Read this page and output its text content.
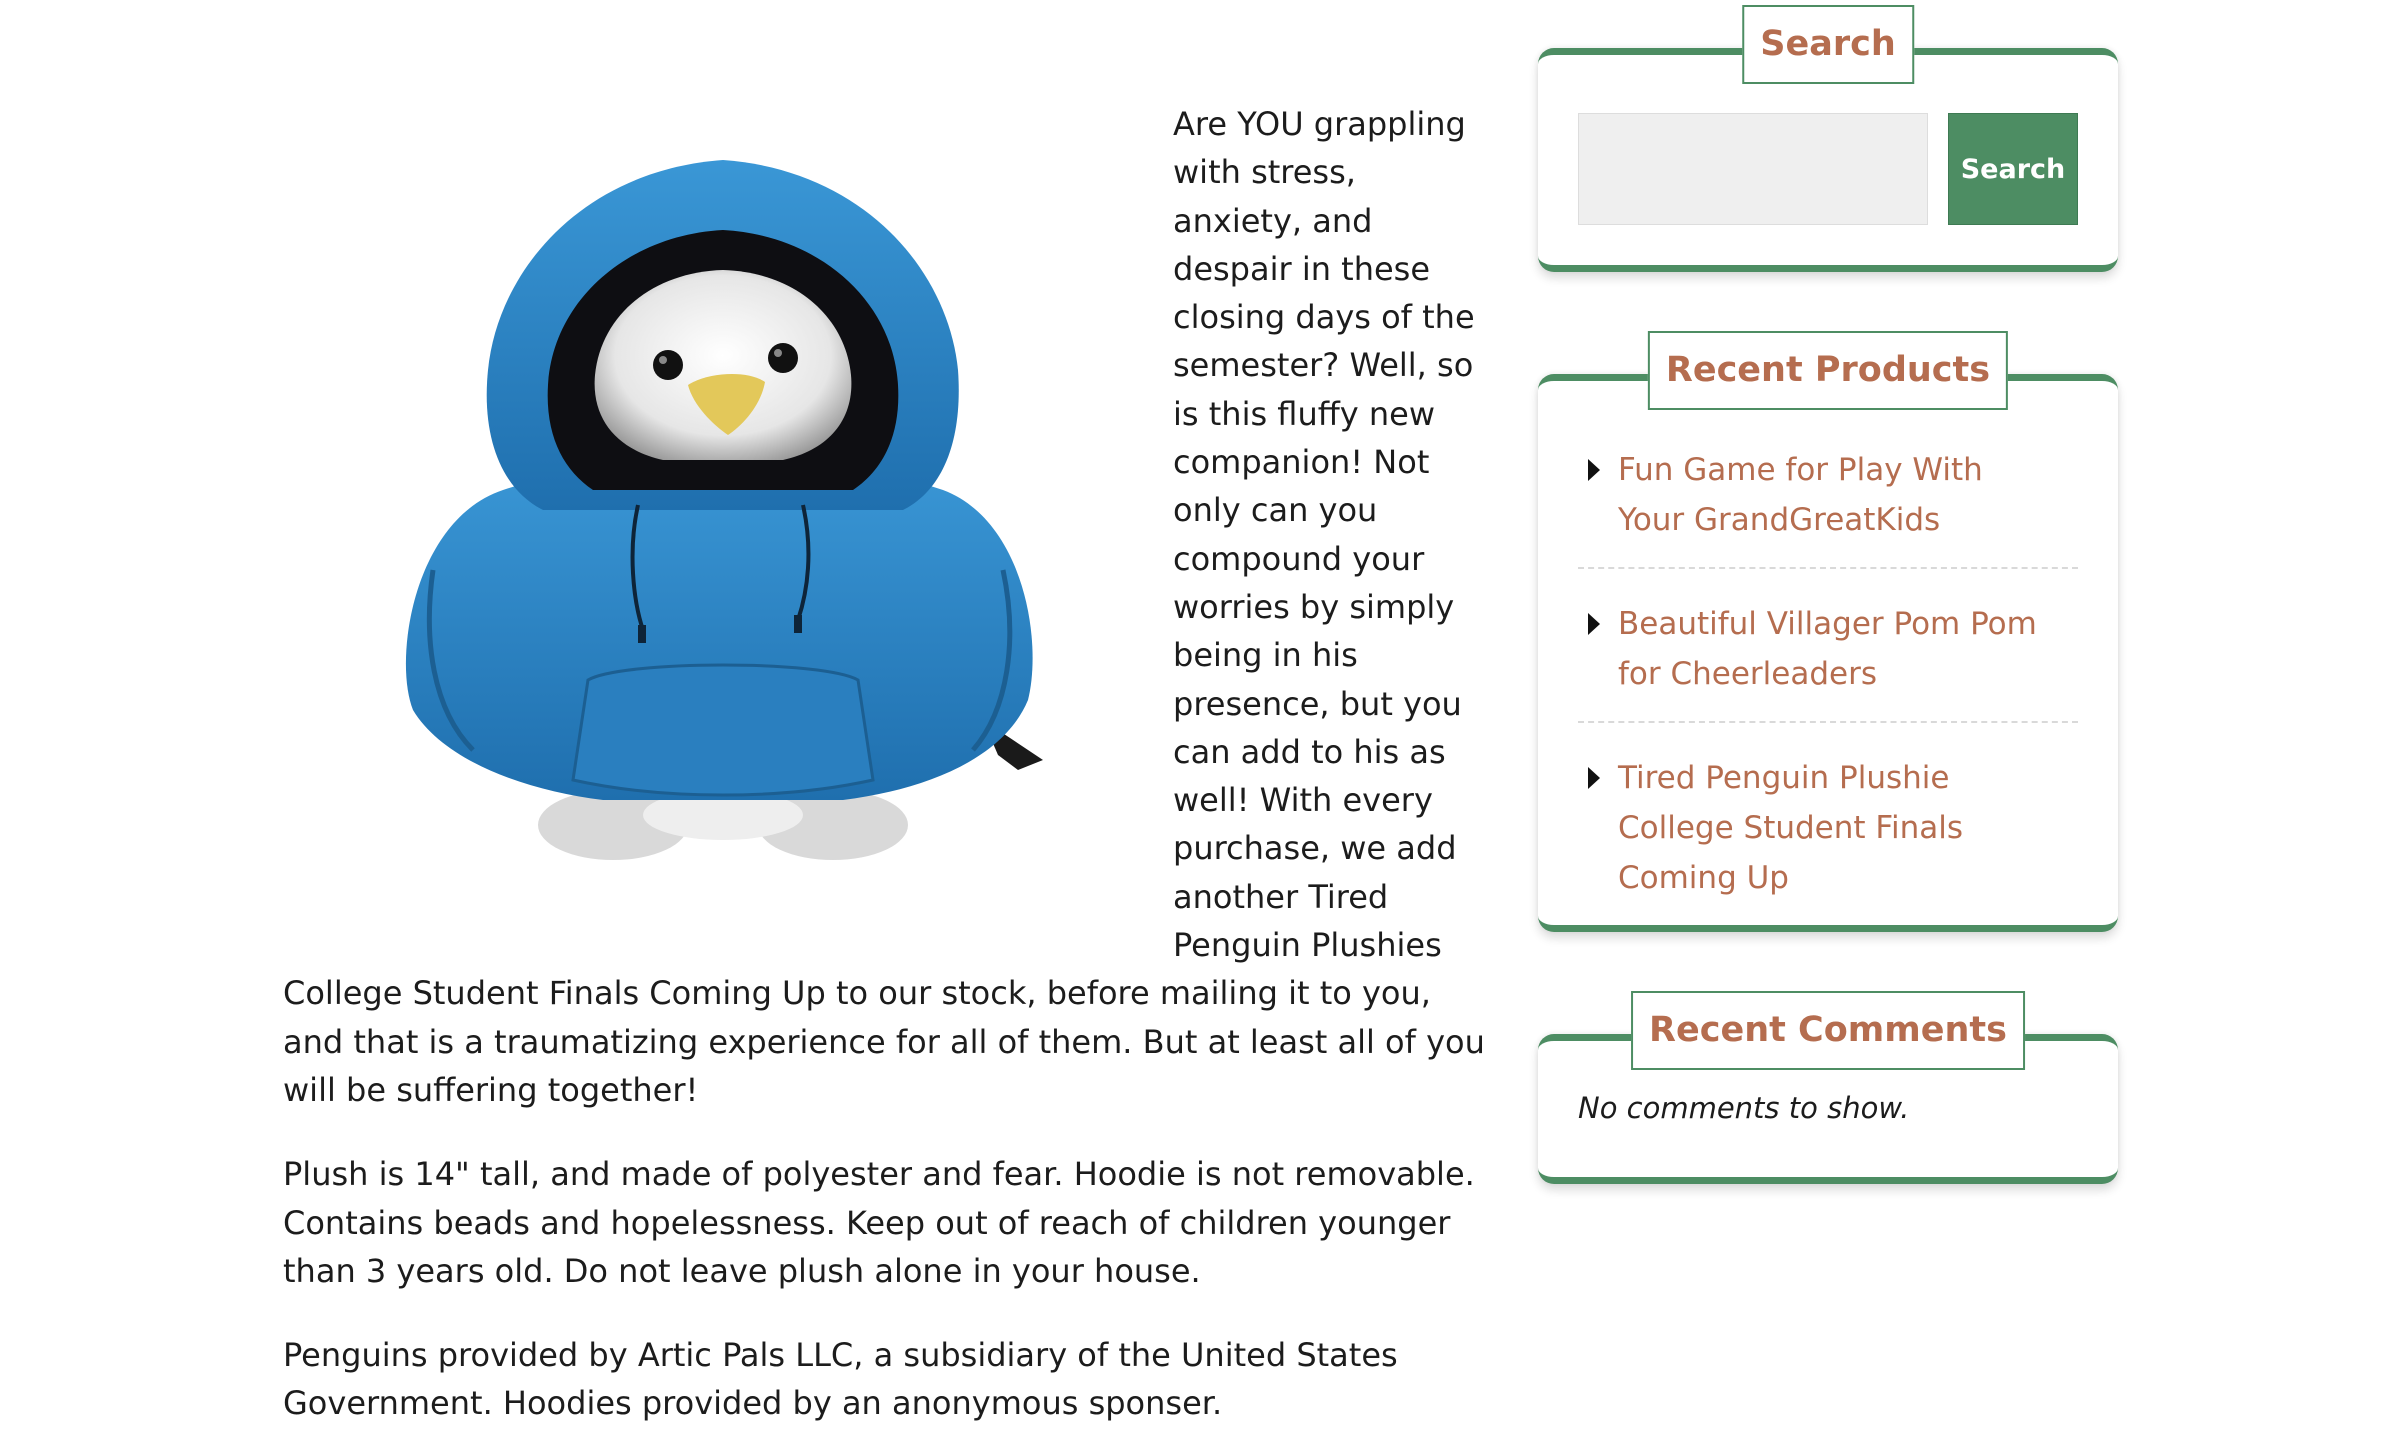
Are YOU grappling with stress, anxiety, and despair in these closing days of the semester? Well, so is this fluffy new companion! Not only can you compound your worries by simply being in his presence, but you can add to his as well! With every purchase, we add another Tired Penguin Plushies College Student Finals Coming Up to our stock, before mailing it to you, and that is a traumatizing experience for all of them. But at least all of you will be suffering together!

Plush is 14" tall, and made of polyester and fear. Hoodie is not removable. Contains beads and hopelessness. Keep out of reach of children younger than 3 years old. Do not leave plush alone in your house.

Penguins provided by Artic Pals LLC, a subsidiary of the United States Government. Hoodies provided by an anonymous sponser.

Search
Search
Recent Products
Fun Game for Play With Your GrandGreatKids
Beautiful Villager Pom Pom for Cheerleaders
Tired Penguin Plushie College Student Finals Coming Up
Recent Comments

No comments to show.
